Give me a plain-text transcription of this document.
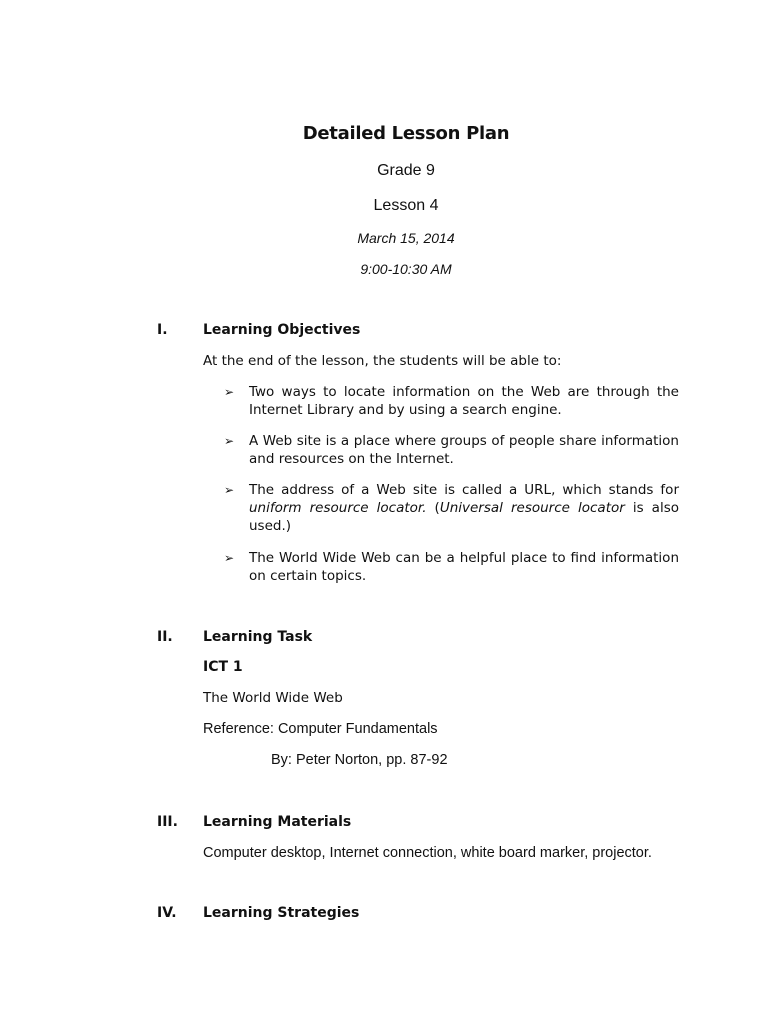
Detailed Lesson Plan
Grade 9
Lesson 4
March 15, 2014
9:00-10:30 AM
I.	Learning Objectives
At the end of the lesson, the students will be able to:
➢ Two ways to locate information on the Web are through the Internet Library and by using a search engine.
➢ A Web site is a place where groups of people share information and resources on the Internet.
➢ The address of a Web site is called a URL, which stands for uniform resource locator. (Universal resource locator is also used.)
➢ The World Wide Web can be a helpful place to find information on certain topics.
II. Learning Task
ICT 1
The World Wide Web
Reference: Computer Fundamentals
By: Peter Norton, pp. 87-92
III. Learning Materials
Computer desktop, Internet connection, white board marker, projector.
IV. Learning Strategies
